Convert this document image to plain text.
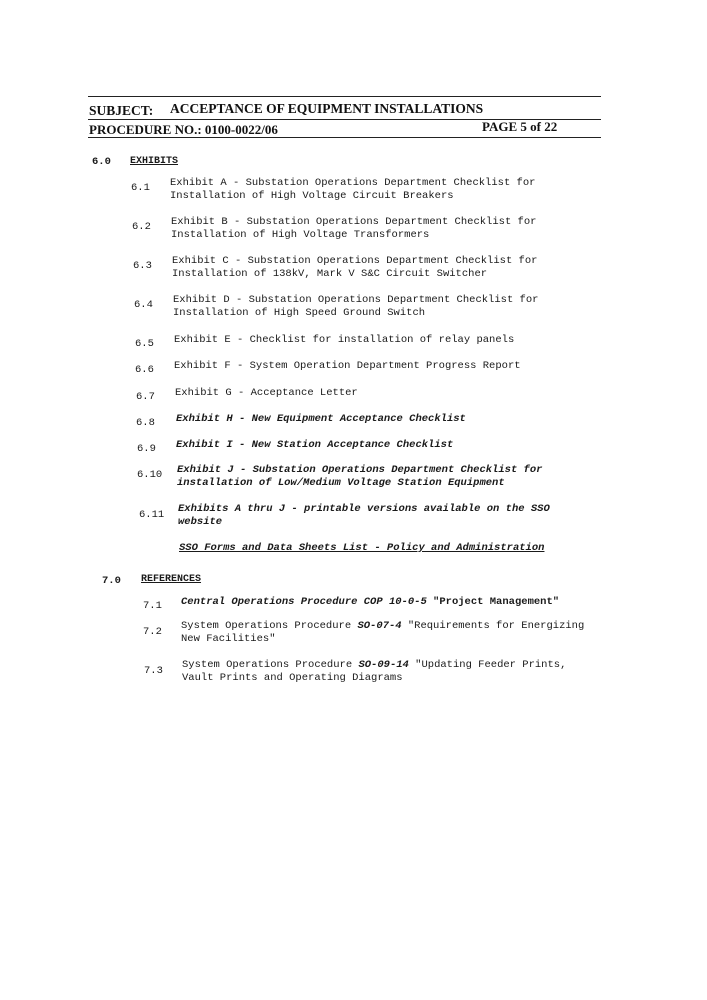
SUBJECT: ACCEPTANCE OF EQUIPMENT INSTALLATIONS
PROCEDURE NO.: 0100-0022/06	PAGE 5 of 22
6.0 EXHIBITS
6.1 Exhibit A - Substation Operations Department Checklist for
Installation of High Voltage Circuit Breakers
6.2 Exhibit B - Substation Operations Department Checklist for
Installation of High Voltage Transformers
6.3 Exhibit C - Substation Operations Department Checklist for
Installation of 138kV, Mark V S&C Circuit Switcher
6.4 Exhibit D - Substation Operations Department Checklist for
Installation of High Speed Ground Switch
6.5 Exhibit E - Checklist for installation of relay panels
6.6 Exhibit F - System Operation Department Progress Report
6.7 Exhibit G - Acceptance Letter
6.8 Exhibit H - New Equipment Acceptance Checklist
6.9 Exhibit I - New Station Acceptance Checklist
6.10 Exhibit J - Substation Operations Department Checklist for
installation of Low/Medium Voltage Station Equipment
6.11 Exhibits A thru J - printable versions available on the SSO
website
SSO Forms and Data Sheets List - Policy and Administration
7.0 REFERENCES
7.1 Central Operations Procedure COP 10-0-5 "Project Management"
7.2 System Operations Procedure SO-07-4 "Requirements for Energizing
New Facilities"
7.3 System Operations Procedure SO-09-14 "Updating Feeder Prints,
Vault Prints and Operating Diagrams
